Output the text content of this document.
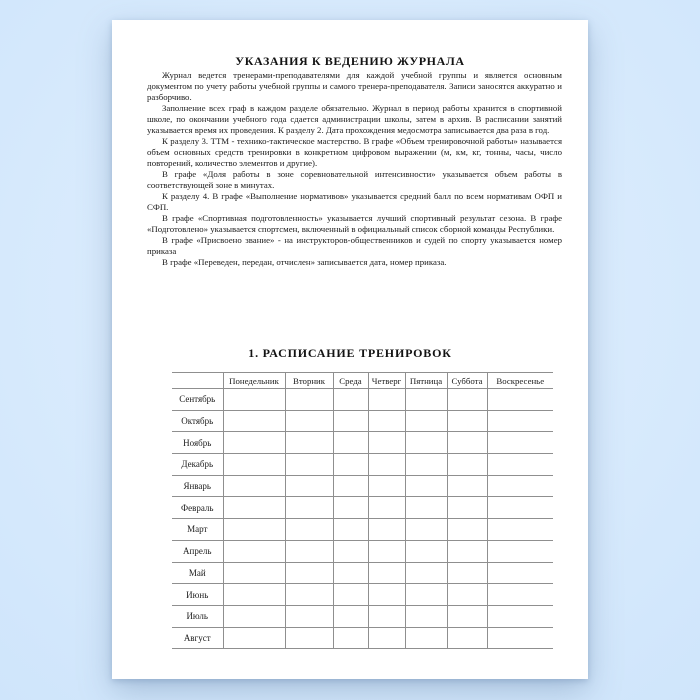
УКАЗАНИЯ К ВЕДЕНИЮ ЖУРНАЛА

Журнал ведется тренерами-преподавателями для каждой учебной группы и является основным документом по учету работы учебной группы и самого тренера-преподавателя. Записи заносятся аккуратно и разборчиво.

Заполнение всех граф в каждом разделе обязательно. Журнал в период работы хранится в спортивной школе, по окончании учебного года сдается администрации школы, затем в архив. В расписании занятий указывается время их проведения. К разделу 2. Дата прохождения медосмотра записывается два раза в год.

К разделу 3. ТТМ - технико-тактическое мастерство. В графе «Объем тренировочной работы» называется объем основных средств тренировки в конкретном цифровом выражении (м, км, кг, тонны, часы, число повторений, количество элементов и другие).

В графе «Доля работы в зоне соревновательной интенсивности» указывается объем работы в соответствующей зоне в минутах.

К разделу 4. В графе «Выполнение нормативов» указывается средний балл по всем нормативам ОФП и СФП.

В графе «Спортивная подготовленность» указывается лучший спортивный результат сезона. В графе «Подготовлено» указывается спортсмен, включенный в официальный список сборной команды Республики.

В графе «Присвоено звание» - на инструкторов-общественников и судей по спорту указывается номер приказа

В графе «Переведен, передан, отчислен» записывается дата, номер приказа.

1. РАСПИСАНИЕ ТРЕНИРОВОК
	Понедельник	Вторник	Среда	Четверг	Пятница	Суббота	Воскресенье
Сентябрь							
Октябрь							
Ноябрь							
Декабрь							
Январь							
Февраль							
Март							
Апрель							
Май							
Июнь							
Июль							
Август							
